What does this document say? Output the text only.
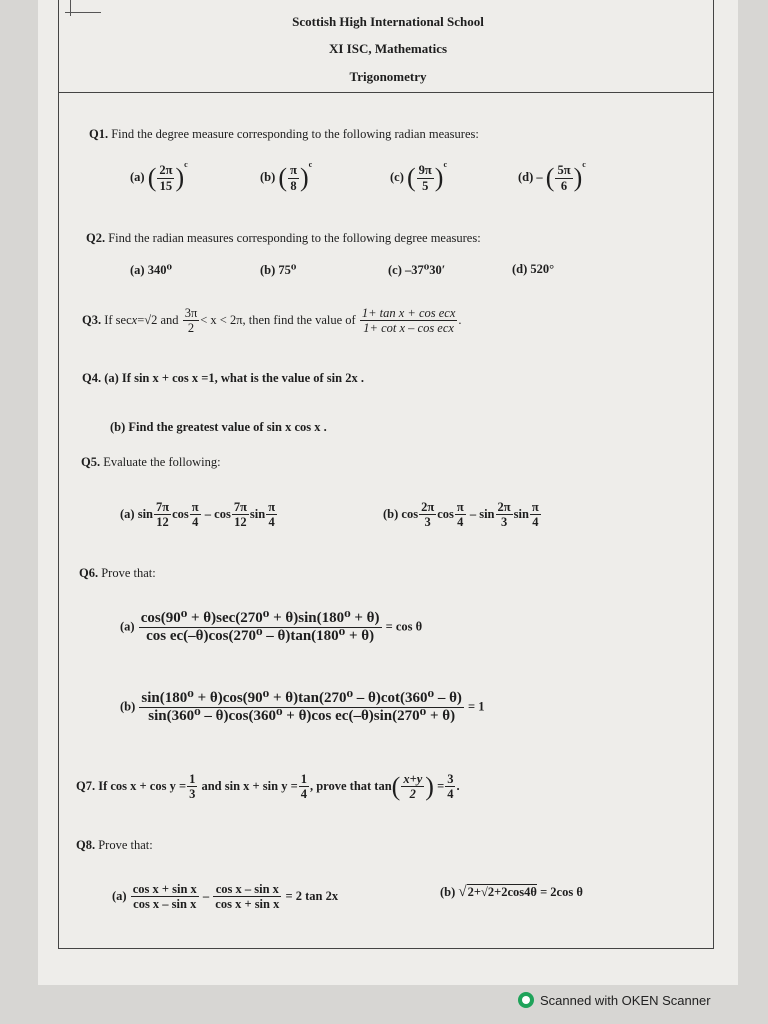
Scottish High International School
XI ISC, Mathematics
Trigonometry
Q1. Find the degree measure corresponding to the following radian measures:
(a) ( $\frac{2\pi}{15} )^c$
(b) ( $\frac{\pi}{8} )^c$
(c) ( $\frac{9\pi}{5} )^c$
(d) – ( $\frac{5\pi}{6} )^c$
Q2. Find the radian measures corresponding to the following degree measures:
(a) 340⁰	(b) 75⁰	(c) –37⁰30′	(d) 520°
Q3. If secx=√2 and $\frac{3\pi}{2} < x < 2\pi$, then find the value of $\frac{\text{1+ tan x + cos ecx}}{\text{1+ cot x – cos ecx}}$ .
Q4. (a) If sin x + cos x =1, what is the value of sin 2x .
(b) Find the greatest value of sin x cos x .
Q5. Evaluate the following:
(a) $\sin \frac{7\pi}{12}$ $\cos \frac{\pi}{4}$ – $\cos \frac{7\pi}{12}$ $\sin \frac{\pi}{4}$	(b) $\cos \frac{2\pi}{3}$ $\cos \frac{\pi}{4}$ – $\sin \frac{2\pi}{3}$ $\sin \frac{\pi}{4}$
Q6. Prove that:
$(a) \frac{\text{cos(90⁰ + θ)sec(270⁰ + θ)sin(180⁰ + θ)}}{\text{cos ec(–θ)cos(270⁰ – θ)tan(180⁰ + θ)}} = \cos \theta$
$(b) \frac{\text{sin(180⁰ + θ)cos(90⁰ + θ)tan(270⁰ – θ)cot(360⁰ – θ)}}{\text{sin(360⁰ – θ)cos(360⁰ + θ)cos ec(–θ)sin(270⁰ + θ)}} = 1$
Q7. If $\cos x + \cos y = \frac{1}{3}$ and $\sin x + \sin y = \frac{1}{4}$ , prove that $\tan( \frac{x+y}{2}$ ) = $\frac{3}{4}$ .
Q8. Prove that:
$(a) \frac{\text{cos x + sin x}}{\text{cos x – sin x}} - \frac{\text{cos x – sin x}}{\text{cos x + sin x}} = 2$ tan 2x	(b) √2+√2+2cos4θ = 2cos θ
Scanned with OKEN Scanner
